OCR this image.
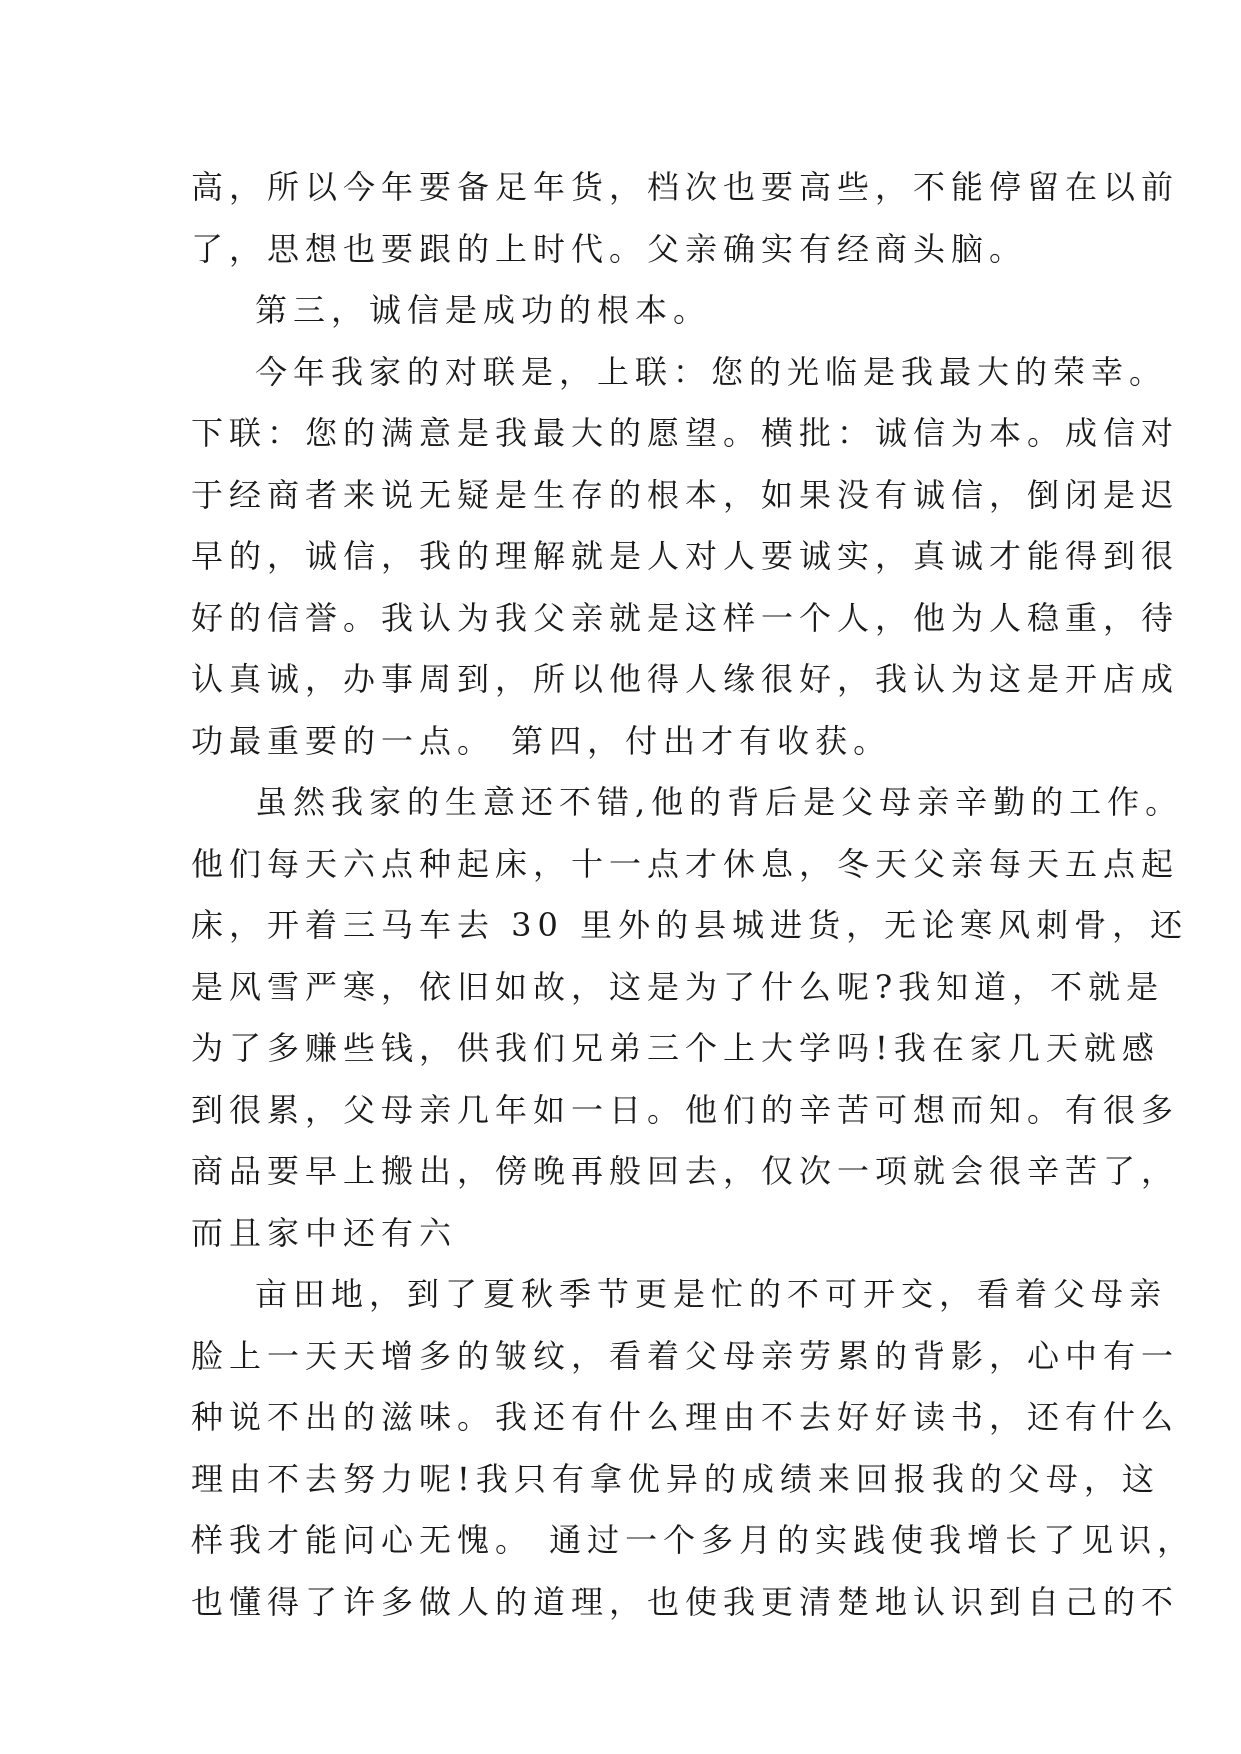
高，所以今年要备足年货，档次也要高些，不能停留在以前
了，思想也要跟的上时代。父亲确实有经商头脑。
第三，诚信是成功的根本。
今年我家的对联是，上联：您的光临是我最大的荣幸。
下联：您的满意是我最大的愿望。横批：诚信为本。成信对
于经商者来说无疑是生存的根本，如果没有诚信，倒闭是迟
早的，诚信，我的理解就是人对人要诚实，真诚才能得到很
好的信誉。我认为我父亲就是这样一个人，他为人稳重，待
认真诚，办事周到，所以他得人缘很好，我认为这是开店成
功最重要的一点。 第四，付出才有收获。
虽然我家的生意还不错,他的背后是父母亲辛勤的工作。
他们每天六点种起床，十一点才休息，冬天父亲每天五点起
床，开着三马车去 30 里外的县城进货，无论寒风刺骨，还
是风雪严寒，依旧如故，这是为了什么呢?我知道，不就是
为了多赚些钱，供我们兄弟三个上大学吗!我在家几天就感
到很累，父母亲几年如一日。他们的辛苦可想而知。有很多
商品要早上搬出，傍晚再般回去，仅次一项就会很辛苦了，
而且家中还有六
亩田地，到了夏秋季节更是忙的不可开交，看着父母亲
脸上一天天增多的皱纹，看着父母亲劳累的背影，心中有一
种说不出的滋味。我还有什么理由不去好好读书，还有什么
理由不去努力呢!我只有拿优异的成绩来回报我的父母，这
样我才能问心无愧。 通过一个多月的实践使我增长了见识，
也懂得了许多做人的道理，也使我更清楚地认识到自己的不
